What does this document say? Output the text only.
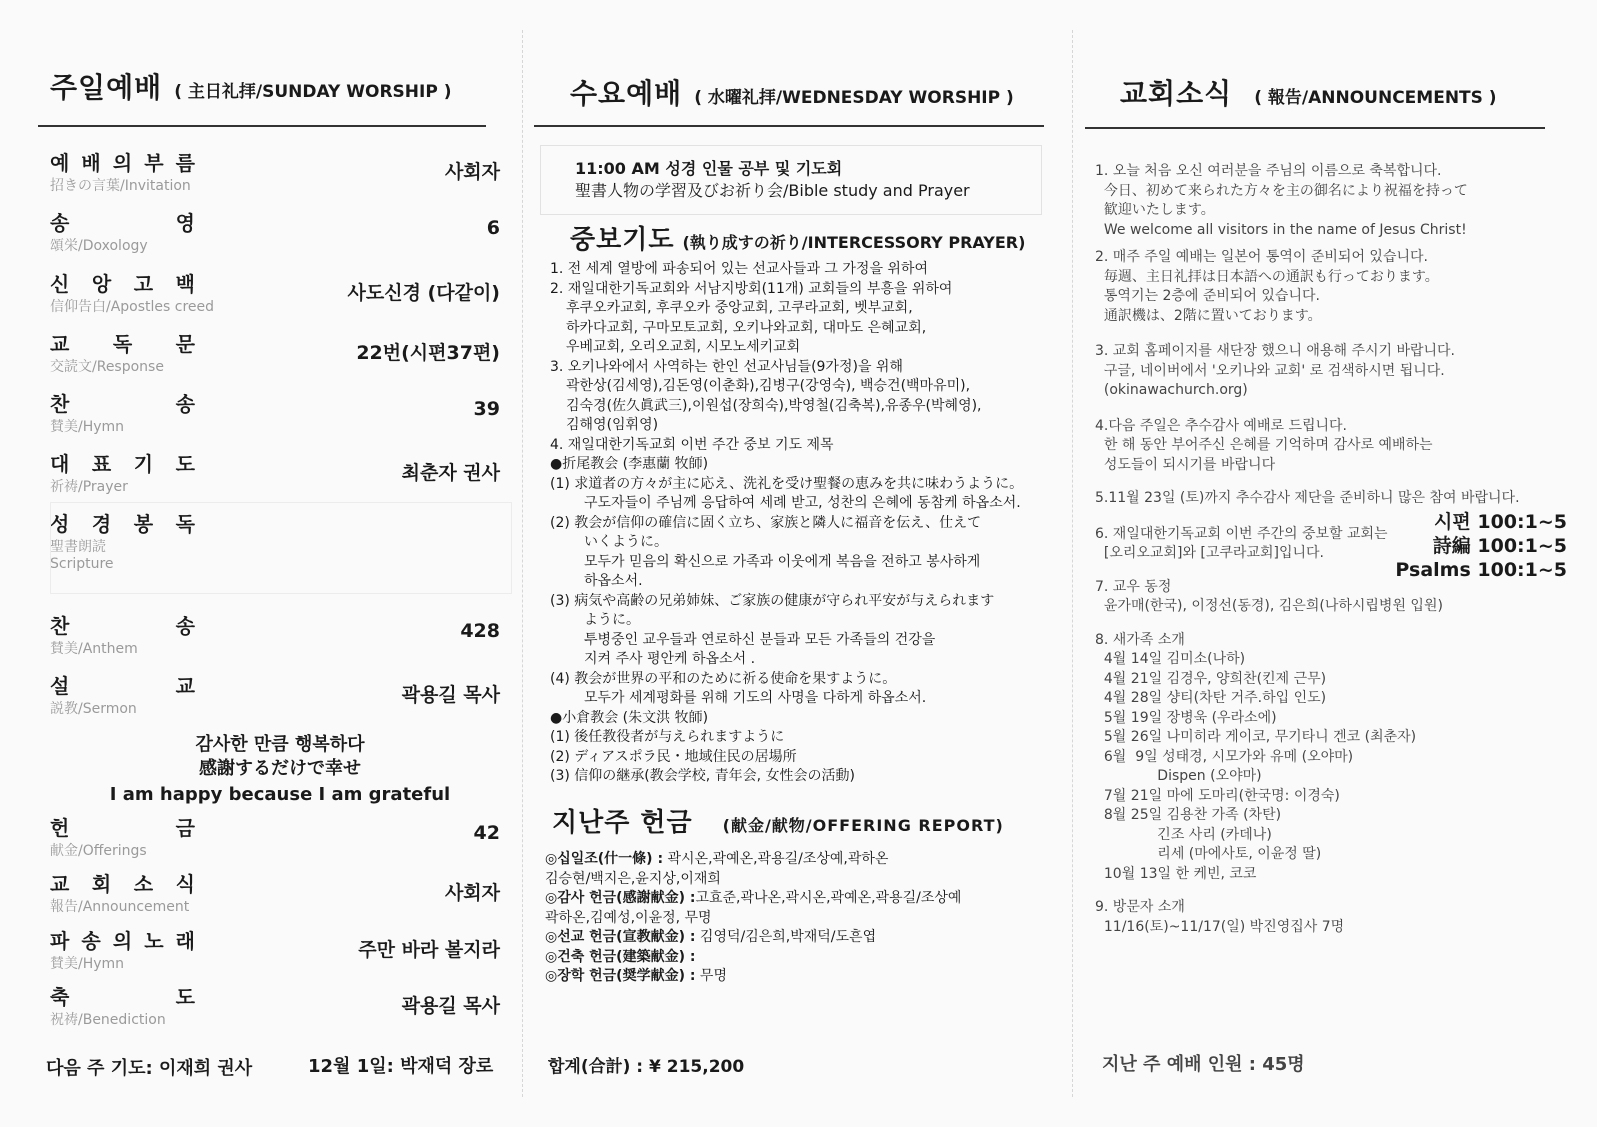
주일예배 ( 主日礼拝/SUNDAY WORSHIP )
예 배 의 부 름
招きの言葉/Invitation
사회자
송	영
頌栄/Doxology
6
신 앙 고 백
信仰告白/Apostles creed
사도신경 (다같이)
교 독 문
交読文/Response
22번(시편37편)
찬	송
賛美/Hymn
39
대 표 기 도
祈祷/Prayer
최춘자 권사
성 경 봉 독
聖書朗読
Scripture
시편 100:1~5
詩編 100:1~5
Psalms 100:1~5
찬	송
賛美/Anthem
428
설	교
説教/Sermon
곽용길 목사
헌	금
献金/Offerings
42
교 회 소 식
報告/Announcement
사회자
파 송 의 노 래
賛美/Hymn
주만 바라 볼지라
축	도
祝祷/Benediction
곽용길 목사
감사한 만큼 행복하다
感謝するだけで幸せ
I am happy because I am grateful
다음 주 기도: 이재희 권사	12월 1일: 박재덕 장로
수요예배 ( 水曜礼拝/WEDNESDAY WORSHIP )
11:00 AM 성경 인물 공부 및 기도회
聖書人物の学習及びお祈り会/Bible study and Prayer
중보기도 (執り成すの祈り/INTERCESSORY PRAYER)
1. 전 세계 열방에 파송되어 있는 선교사들과 그 가정을 위하여
2. 재일대한기독교회와 서남지방회(11개) 교회들의 부흥을 위하여
후쿠오카교회, 후쿠오카 중앙교회, 고쿠라교회, 벳부교회,
하카다교회, 구마모토교회, 오키나와교회, 대마도 은혜교회,
우베교회, 오리오교회, 시모노세키교회
3. 오키나와에서 사역하는 한인 선교사님들(9가정)을 위해
곽한상(김세영),김돈영(이춘화),김병구(강영숙), 백승건(백마유미),
김숙경(佐久眞武三),이원섭(장희숙),박영철(김축복),유종우(박혜영),
김해영(임휘영)
4. 재일대한기독교회 이번 주간 중보 기도 제목
●折尾教会 (李惠蘭 牧師)
(1) 求道者の方々が主に応え、洗礼を受け聖餐の恵みを共に味わうように。
구도자들이 주님께 응답하여 세례 받고, 성찬의 은혜에 동참케 하옵소서.
(2) 教会が信仰の確信に固く立ち、家族と隣人に福音を伝え、仕えて
いくように。
모두가 믿음의 확신으로 가족과 이웃에게 복음을 전하고 봉사하게
하옵소서.
(3) 病気や高齢の兄弟姉妹、ご家族の健康が守られ平安が与えられます
ように。
투병중인 교우들과 연로하신 분들과 모든 가족들의 건강을
지켜 주사 평안케 하옵소서 .
(4) 教会が世界の平和のために祈る使命を果すように。
모두가 세계평화를 위해 기도의 사명을 다하게 하옵소서.
●小倉教会 (朱文洪 牧師)
(1) 後任教役者が与えられますように
(2) ディアスポラ民・地域住民の居場所
(3) 信仰の継承(教会学校, 青年会, 女性会の活動)
지난주 헌금 (献金/献物/OFFERING REPORT)
◎십일조(什一條) : 곽시온,곽예온,곽용길/조상예,곽하온
김승현/백지은,윤지상,이재희
◎감사 헌금(感謝献金) :고효준,곽나온,곽시온,곽예온,곽용길/조상예
곽하온,김예성,이윤정, 무명
◎선교 헌금(宣教献金) : 김영덕/김은희,박재덕/도흔엽
◎건축 헌금(建築献金) :
◎장학 헌금(奨学献金) : 무명
합계(合計) : ¥ 215,200
교회소식 ( 報告/ANNOUNCEMENTS )
1. 오늘 처음 오신 여러분을 주님의 이름으로 축복합니다.
今日、初めて来られた方々を主の御名により祝福を持って
歓迎いたします。
We welcome all visitors in the name of Jesus Christ!
2. 매주 주일 예배는 일본어 통역이 준비되어 있습니다.
毎週、主日礼拝は日本語への通訳も行っております。
통역기는 2층에 준비되어 있습니다.
通訳機は、2階に置いております。
3. 교회 홈페이지를 새단장 했으니 애용해 주시기 바랍니다.
구글, 네이버에서 '오키나와 교회' 로 검색하시면 됩니다.
(okinawachurch.org)
4.다음 주일은 추수감사 예배로 드립니다.
한 해 동안 부어주신 은혜를 기억하며 감사로 예배하는
성도들이 되시기를 바랍니다
5.11월 23일 (토)까지 추수감사 제단을 준비하니 많은 참여 바랍니다.
6. 재일대한기독교회 이번 주간의 중보할 교회는
[오리오교회]와 [고쿠라교회]입니다.
7. 교우 동정
윤가매(한국), 이정선(동경), 김은희(나하시립병원 입원)
8. 새가족 소개
4월 14일 김미소(나하)
4월 21일 김경우, 양희찬(킨제 근무)
4월 28일 샹티(차탄 거주.하입 인도)
5월 19일 장병욱 (우라소에)
5월 26일 나미히라 게이코, 무기타니 겐코 (최춘자)
6월  9일 성태경, 시모가와 유메 (오야마)
Dispen (오야마)
7월 21일 마에 도마리(한국명: 이경숙)
8월 25일 김용찬 가족 (차탄)
긴조 사리 (카데나)
리세 (마에사토, 이윤정 딸)
10월 13일 한 케빈, 코코
9. 방문자 소개
11/16(토)~11/17(일) 박진영집사 7명
지난 주 예배 인원 : 45명
